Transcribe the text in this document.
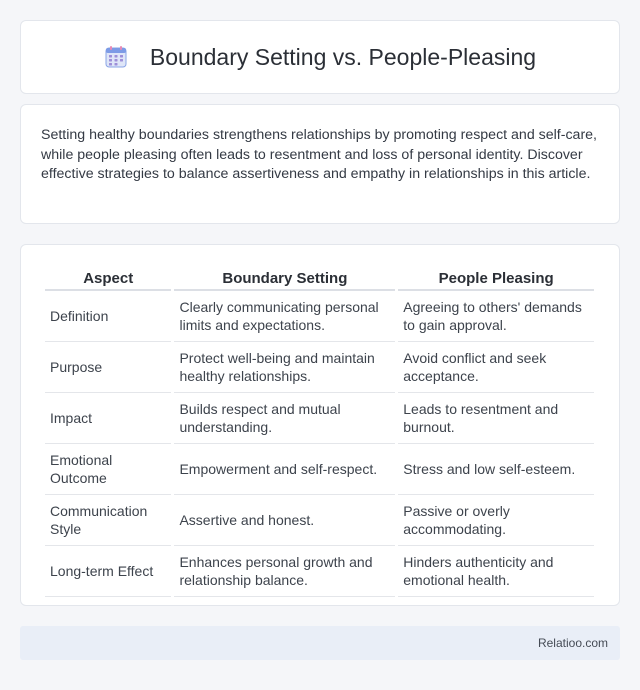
Boundary Setting vs. People-Pleasing

Setting healthy boundaries strengthens relationships by promoting respect and self-care, while people pleasing often leads to resentment and loss of personal identity. Discover effective strategies to balance assertiveness and empathy in relationships in this article.

Aspect	Boundary Setting	People Pleasing
Definition	Clearly communicating personal limits and expectations.	Agreeing to others' demands to gain approval.
Purpose	Protect well-being and maintain healthy relationships.	Avoid conflict and seek acceptance.
Impact	Builds respect and mutual understanding.	Leads to resentment and burnout.
Emotional Outcome	Empowerment and self-respect.	Stress and low self-esteem.
Communication Style	Assertive and honest.	Passive or overly accommodating.
Long-term Effect	Enhances personal growth and relationship balance.	Hinders authenticity and emotional health.
Relatioo.com
